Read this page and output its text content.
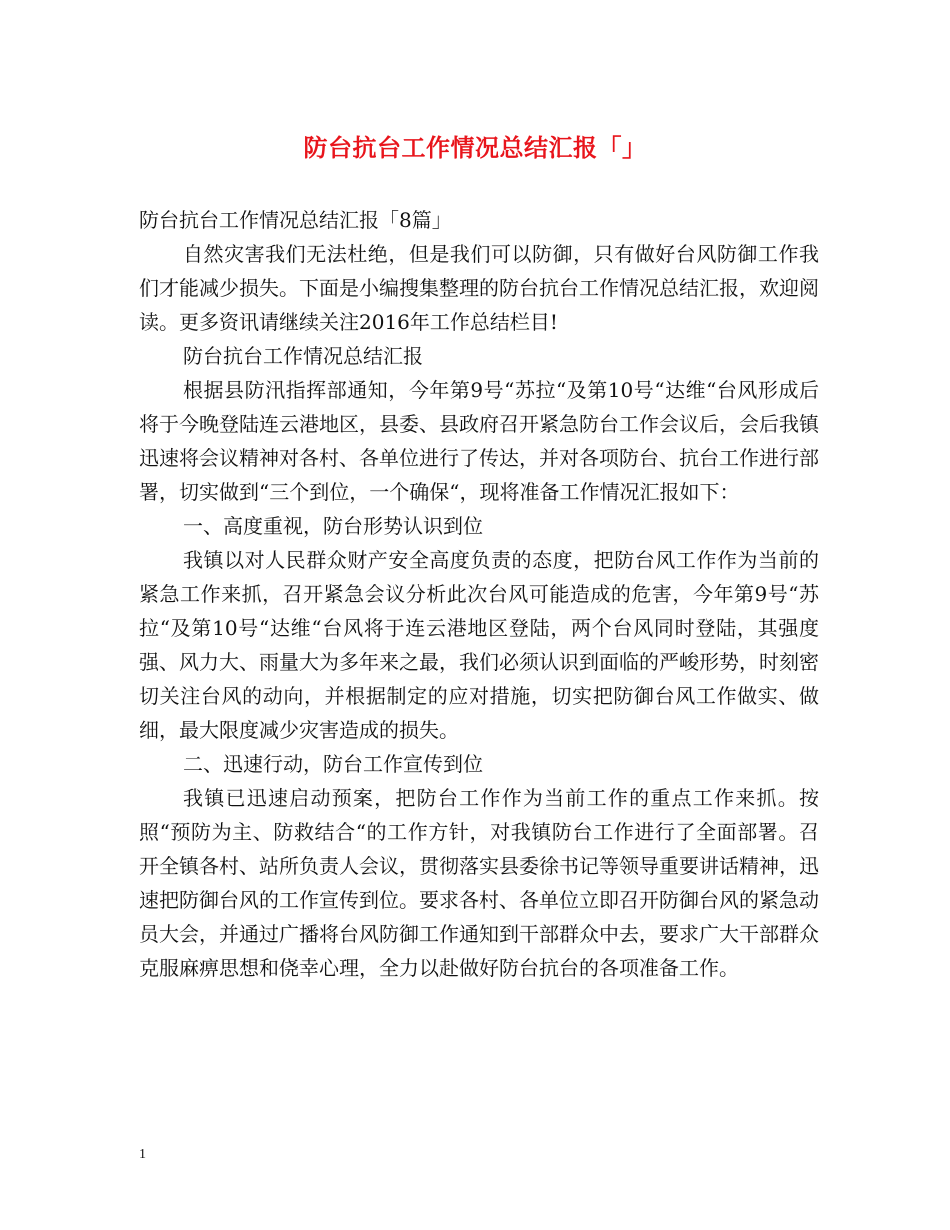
防台抗台工作情况总结汇报「」

防台抗台工作情况总结汇报「8篇」

自然灾害我们无法杜绝，但是我们可以防御，只有做好台风防御工作我们才能减少损失。下面是小编搜集整理的防台抗台工作情况总结汇报，欢迎阅读。更多资讯请继续关注2016年工作总结栏目!

防台抗台工作情况总结汇报

根据县防汛指挥部通知，今年第9号“苏拉“及第10号“达维“台风形成后将于今晚登陆连云港地区，县委、县政府召开紧急防台工作会议后，会后我镇迅速将会议精神对各村、各单位进行了传达，并对各项防台、抗台工作进行部署，切实做到“三个到位，一个确保“，现将准备工作情况汇报如下：

一、高度重视，防台形势认识到位

我镇以对人民群众财产安全高度负责的态度，把防台风工作作为当前的紧急工作来抓，召开紧急会议分析此次台风可能造成的危害，今年第9号“苏拉“及第10号“达维“台风将于连云港地区登陆，两个台风同时登陆，其强度强、风力大、雨量大为多年来之最，我们必须认识到面临的严峻形势，时刻密切关注台风的动向，并根据制定的应对措施，切实把防御台风工作做实、做细，最大限度减少灾害造成的损失。

二、迅速行动，防台工作宣传到位

我镇已迅速启动预案，把防台工作作为当前工作的重点工作来抓。按照“预防为主、防救结合“的工作方针，对我镇防台工作进行了全面部署。召开全镇各村、站所负责人会议，贯彻落实县委徐书记等领导重要讲话精神，迅速把防御台风的工作宣传到位。要求各村、各单位立即召开防御台风的紧急动员大会，并通过广播将台风防御工作通知到干部群众中去，要求广大干部群众克服麻痹思想和侥幸心理，全力以赴做好防台抗台的各项准备工作。

1
